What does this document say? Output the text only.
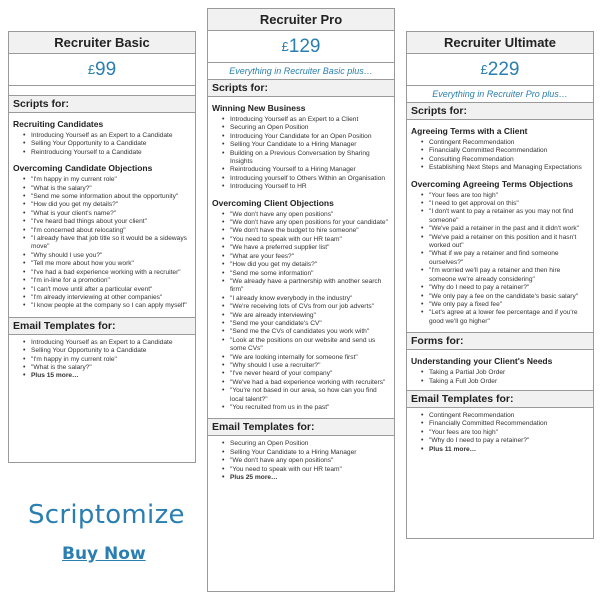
Recruiter Basic
£99
Scripts for:
Recruiting Candidates
• Introducing Yourself as an Expert to a Candidate
• Selling Your Opportunity to a Candidate
• Reintroducing Yourself to a Candidate
Overcoming Candidate Objections
• "I'm happy in my current role"
• "What is the salary?"
• "Send me some information about the opportunity"
• "How did you get my details?"
• "What is your client's name?"
• "I've heard bad things about your client"
• "I'm concerned about relocating"
• "I already have that job title so it would be a sideways move"
• "Why should I use you?"
• "Tell me more about how you work"
• "I've had a bad experience working with a recruiter"
• "I'm in-line for a promotion"
• "I can't move until after a particular event"
• "I'm already interviewing at other companies"
• "I know people at the company so I can apply myself"
Email Templates for:
• Introducing Yourself as an Expert to a Candidate
• Selling Your Opportunity to a Candidate
• "I'm happy in my current role"
• "What is the salary?"
• Plus 15 more…
Recruiter Pro
£129
Everything in Recruiter Basic plus…
Scripts for:
Winning New Business
• Introducing Yourself as an Expert to a Client
• Securing an Open Position
• Introducing Your Candidate for an Open Position
• Selling Your Candidate to a Hiring Manager
• Building on a Previous Conversation by Sharing Insights
• Reintroducing Yourself to a Hiring Manager
• Introducing yourself to Others Within an Organisation
• Introducing Yourself to HR
Overcoming Client Objections
• "We don't have any open positions"
• "We don't have any open positions for your candidate"
• "We don't have the budget to hire someone"
• "You need to speak with our HR team"
• "We have a preferred supplier list"
• "What are your fees?"
• "How did you get my details?"
• "Send me some information"
• "We already have a partnership with another search firm"
• "I already know everybody in the industry"
• "We're receiving lots of CVs from our job adverts"
• "We are already interviewing"
• "Send me your candidate's CV"
• "Send me the CVs of candidates you work with"
• "Look at the positions on our website and send us some CVs"
• "We are looking internally for someone first"
• "Why should I use a recruiter?"
• "I've never heard of your company"
• "We've had a bad experience working with recruiters"
• "You're not based in our area, so how can you find local talent?"
• "You recruited from us in the past"
Email Templates for:
• Securing an Open Position
• Selling Your Candidate to a Hiring Manager
• "We don't have any open positions"
• "You need to speak with our HR team"
• Plus 25 more…
Recruiter Ultimate
£229
Everything in Recruiter Pro plus…
Scripts for:
Agreeing Terms with a Client
• Contingent Recommendation
• Financially Committed Recommendation
• Consulting Recommendation
• Establishing Next Steps and Managing Expectations
Overcoming Agreeing Terms Objections
• "Your fees are too high"
• "I need to get approval on this"
• "I don't want to pay a retainer as you may not find someone"
• "We've paid a retainer in the past and it didn't work"
• "We've paid a retainer on this position and it hasn't worked out"
• "What if we pay a retainer and find someone ourselves?"
• "I'm worried we'll pay a retainer and then hire someone we're already considering"
• "Why do I need to pay a retainer?"
• "We only pay a fee on the candidate's basic salary"
• "We only pay a fixed fee"
• "Let's agree at a lower fee percentage and if you're good we'll go higher"
Forms for:
Understanding your Client's Needs
• Taking a Partial Job Order
• Taking a Full Job Order
Email Templates for:
• Contingent Recommendation
• Financially Committed Recommendation
• "Your fees are too high"
• "Why do I need to pay a retainer?"
• Plus 11 more…
Scriptomize
Buy Now
